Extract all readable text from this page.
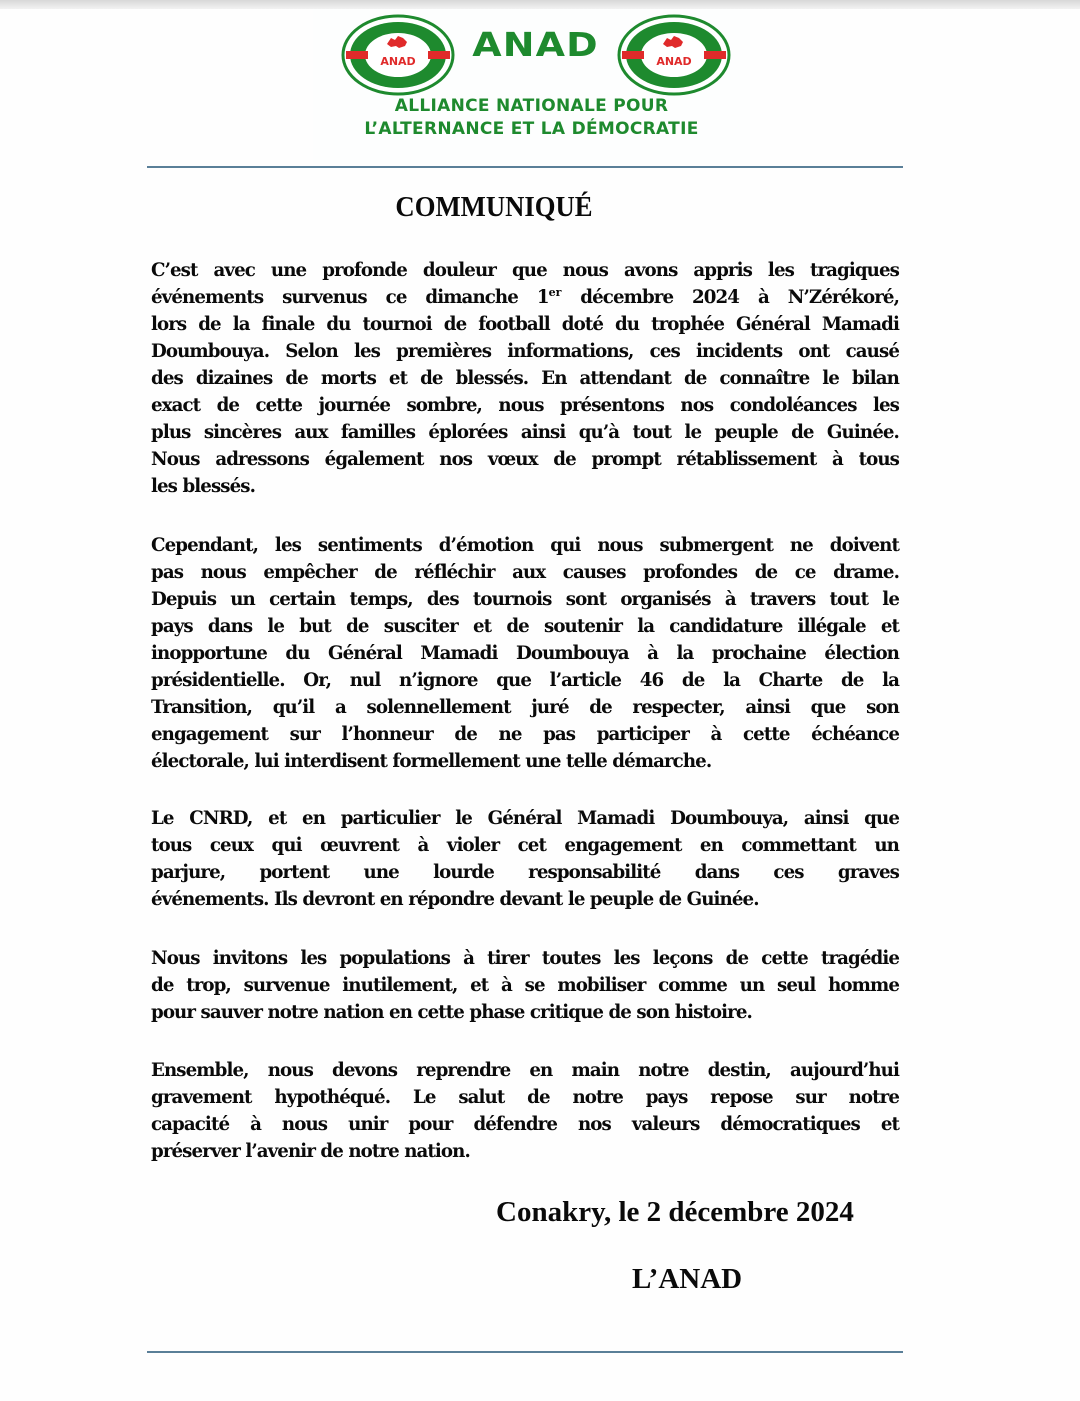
ANAD	ANAD	ANAD
ALLIANCE NATIONALE POUR
L’ALTERNANCE ET LA DÉMOCRATIE
COMMUNIQUÉ
C’est avec une profonde douleur que nous avons appris les tragiques
événements survenus ce dimanche 1er décembre 2024 à N’Zérékoré,
lors de la finale du tournoi de football doté du trophée Général Mamadi
Doumbouya. Selon les premières informations, ces incidents ont causé
des dizaines de morts et de blessés. En attendant de connaître le bilan
exact de cette journée sombre, nous présentons nos condoléances les
plus sincères aux familles éplorées ainsi qu’à tout le peuple de Guinée.
Nous adressons également nos vœux de prompt rétablissement à tous
les blessés.
Cependant, les sentiments d’émotion qui nous submergent ne doivent
pas nous empêcher de réfléchir aux causes profondes de ce drame.
Depuis un certain temps, des tournois sont organisés à travers tout le
pays dans le but de susciter et de soutenir la candidature illégale et
inopportune du Général Mamadi Doumbouya à la prochaine élection
présidentielle. Or, nul n’ignore que l’article 46 de la Charte de la
Transition, qu’il a solennellement juré de respecter, ainsi que son
engagement sur l’honneur de ne pas participer à cette échéance
électorale, lui interdisent formellement une telle démarche.
Le CNRD, et en particulier le Général Mamadi Doumbouya, ainsi que
tous ceux qui œuvrent à violer cet engagement en commettant un
parjure, portent une lourde responsabilité dans ces graves
événements. Ils devront en répondre devant le peuple de Guinée.
Nous invitons les populations à tirer toutes les leçons de cette tragédie
de trop, survenue inutilement, et à se mobiliser comme un seul homme
pour sauver notre nation en cette phase critique de son histoire.
Ensemble, nous devons reprendre en main notre destin, aujourd’hui
gravement hypothéqué. Le salut de notre pays repose sur notre
capacité à nous unir pour défendre nos valeurs démocratiques et
préserver l’avenir de notre nation.
Conakry, le 2 décembre 2024
L’ANAD
